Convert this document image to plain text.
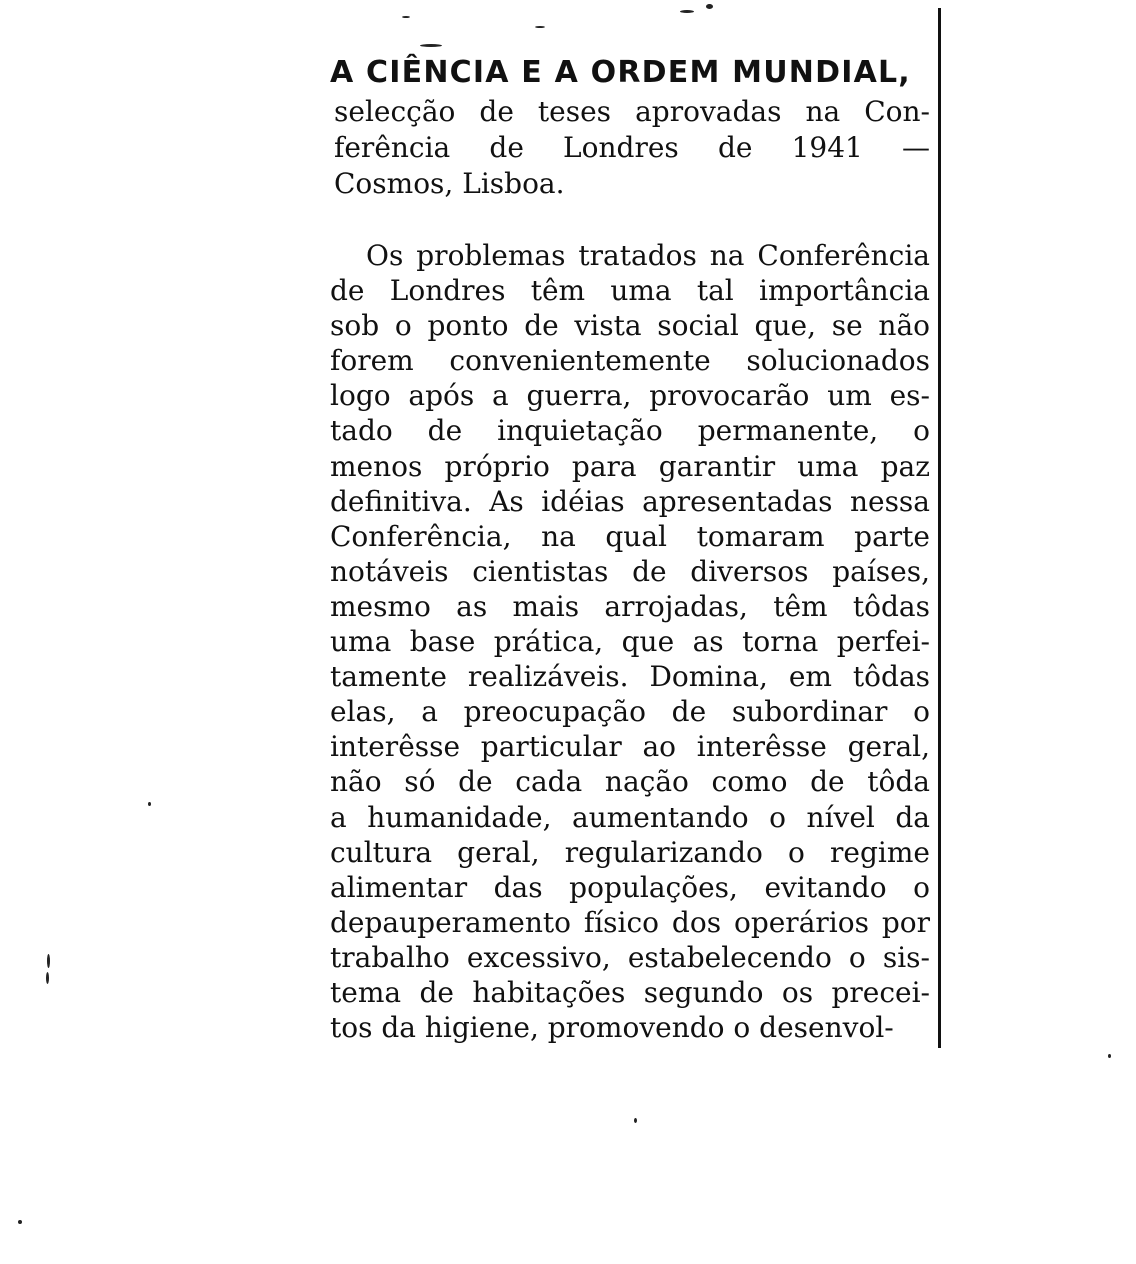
A CIÊNCIA E A ORDEM MUNDIAL,

selecção de teses aprovadas na Con-
ferência de Londres de 1941 —
Cosmos, Lisboa.

Os problemas tratados na Conferência
de Londres têm uma tal importância
sob o ponto de vista social que, se não
forem convenientemente solucionados
logo após a guerra, provocarão um es-
tado de inquietação permanente, o
menos próprio para garantir uma paz
definitiva. As idéias apresentadas nessa
Conferência, na qual tomaram parte
notáveis cientistas de diversos países,
mesmo as mais arrojadas, têm tôdas
uma base prática, que as torna perfei-
tamente realizáveis. Domina, em tôdas
elas, a preocupação de subordinar o
interêsse particular ao interêsse geral,
não só de cada nação como de tôda
a humanidade, aumentando o nível da
cultura geral, regularizando o regime
alimentar das populações, evitando o
depauperamento físico dos operários por
trabalho excessivo, estabelecendo o sis-
tema de habitações segundo os precei-
tos da higiene, promovendo o desenvol-
